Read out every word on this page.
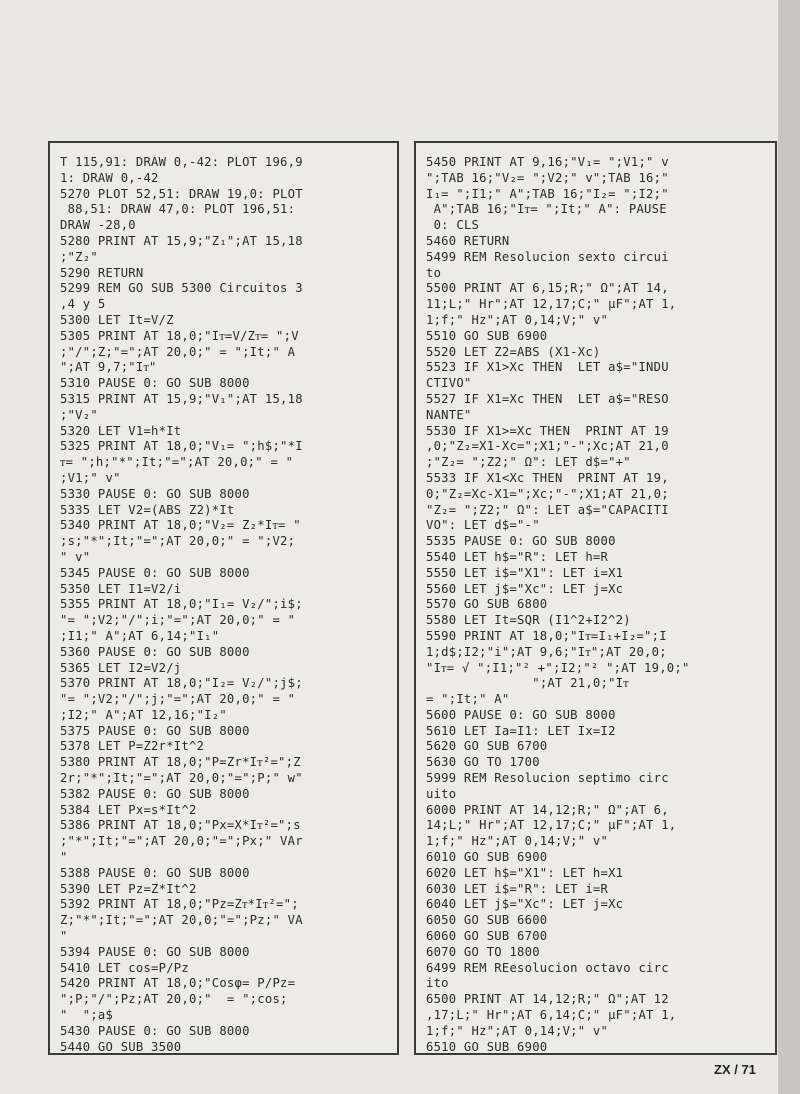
T 115,91: DRAW 0,-42: PLOT 196,9
1: DRAW 0,-42
5270 PLOT 52,51: DRAW 19,0: PLOT
88,51: DRAW 47,0: PLOT 196,51:
DRAW -28,0
5280 PRINT AT 15,9;"Z₁";AT 15,18
;"Z₂"
5290 RETURN
5299 REM GO SUB 5300 Circuitos 3
,4 y 5
5300 LET It=V/Z
5305 PRINT AT 18,0;"Iᴛ=V/Zᴛ= ";V
;"/";Z;"=";AT 20,0;" = ";It;" A
";AT 9,7;"Iᴛ"
5310 PAUSE 0: GO SUB 8000
5315 PRINT AT 15,9;"V₁";AT 15,18
;"V₂"
5320 LET V1=h*It
5325 PRINT AT 18,0;"V₁= ";h$;"*I
ᴛ= ";h;"*";It;"=";AT 20,0;" = "
;V1;" v"
5330 PAUSE 0: GO SUB 8000
5335 LET V2=(ABS Z2)*It
5340 PRINT AT 18,0;"V₂= Z₂*Iᴛ= "
;s;"*";It;"=";AT 20,0;" = ";V2;
" v"
5345 PAUSE 0: GO SUB 8000
5350 LET I1=V2/i
5355 PRINT AT 18,0;"I₁= V₂/";i$;
"= ";V2;"/";i;"=";AT 20,0;" = "
;I1;" A";AT 6,14;"I₁"
5360 PAUSE 0: GO SUB 8000
5365 LET I2=V2/j
5370 PRINT AT 18,0;"I₂= V₂/";j$;
"= ";V2;"/";j;"=";AT 20,0;" = "
;I2;" A";AT 12,16;"I₂"
5375 PAUSE 0: GO SUB 8000
5378 LET P=Z2r*It^2
5380 PRINT AT 18,0;"P=Zr*Iᴛ²=";Z
2r;"*";It;"=";AT 20,0;"=";P;" w"
5382 PAUSE 0: GO SUB 8000
5384 LET Px=s*It^2
5386 PRINT AT 18,0;"Px=X*Iᴛ²=";s
;"*";It;"=";AT 20,0;"=";Px;" VAr
"
5388 PAUSE 0: GO SUB 8000
5390 LET Pz=Z*It^2
5392 PRINT AT 18,0;"Pz=Zᴛ*Iᴛ²=";
Z;"*";It;"=";AT 20,0;"=";Pz;" VA
"
5394 PAUSE 0: GO SUB 8000
5410 LET cos=P/Pz
5420 PRINT AT 18,0;"Cosφ= P/Pz=
";P;"/";Pz;AT 20,0;"  = ";cos;
"  ";a$
5430 PAUSE 0: GO SUB 8000
5440 GO SUB 3500
5450 PRINT AT 9,16;"V₁= ";V1;" v
";TAB 16;"V₂= ";V2;" v";TAB 16;"
I₁= ";I1;" A";TAB 16;"I₂= ";I2;"
A";TAB 16;"Iᴛ= ";It;" A": PAUSE
0: CLS
5460 RETURN
5499 REM Resolucion sexto circui
to
5500 PRINT AT 6,15;R;" Ω";AT 14,
11;L;" Hr";AT 12,17;C;" µF";AT 1,
1;f;" Hz";AT 0,14;V;" v"
5510 GO SUB 6900
5520 LET Z2=ABS (X1-Xc)
5523 IF X1>Xc THEN  LET a$="INDU
CTIVO"
5527 IF X1=Xc THEN  LET a$="RESO
NANTE"
5530 IF X1>=Xc THEN  PRINT AT 19
,0;"Z₂=X1-Xc=";X1;"-";Xc;AT 21,0
;"Z₂= ";Z2;" Ω": LET d$="+"
5533 IF X1<Xc THEN  PRINT AT 19,
0;"Z₂=Xc-X1=";Xc;"-";X1;AT 21,0;
"Z₂= ";Z2;" Ω": LET a$="CAPACITI
VO": LET d$="-"
5535 PAUSE 0: GO SUB 8000
5540 LET h$="R": LET h=R
5550 LET i$="X1": LET i=X1
5560 LET j$="Xc": LET j=Xc
5570 GO SUB 6800
5580 LET It=SQR (I1^2+I2^2)
5590 PRINT AT 18,0;"Iᴛ=I₁+I₂=";I
1;d$;I2;"i";AT 9,6;"Iᴛ";AT 20,0;
"Iᴛ= √ ";I1;"² +";I2;"² ";AT 19,0;"
";AT 21,0;"Iᴛ
= ";It;" A"
5600 PAUSE 0: GO SUB 8000
5610 LET Ia=I1: LET Ix=I2
5620 GO SUB 6700
5630 GO TO 1700
5999 REM Resolucion septimo circ
uito
6000 PRINT AT 14,12;R;" Ω";AT 6,
14;L;" Hr";AT 12,17;C;" µF";AT 1,
1;f;" Hz";AT 0,14;V;" v"
6010 GO SUB 6900
6020 LET h$="X1": LET h=X1
6030 LET i$="R": LET i=R
6040 LET j$="Xc": LET j=Xc
6050 GO SUB 6600
6060 GO SUB 6700
6070 GO TO 1800
6499 REM REesolucion octavo circ
ito
6500 PRINT AT 14,12;R;" Ω";AT 12
,17;L;" Hr";AT 6,14;C;" µF";AT 1,
1;f;" Hz";AT 0,14;V;" v"
6510 GO SUB 6900
ZX / 71
